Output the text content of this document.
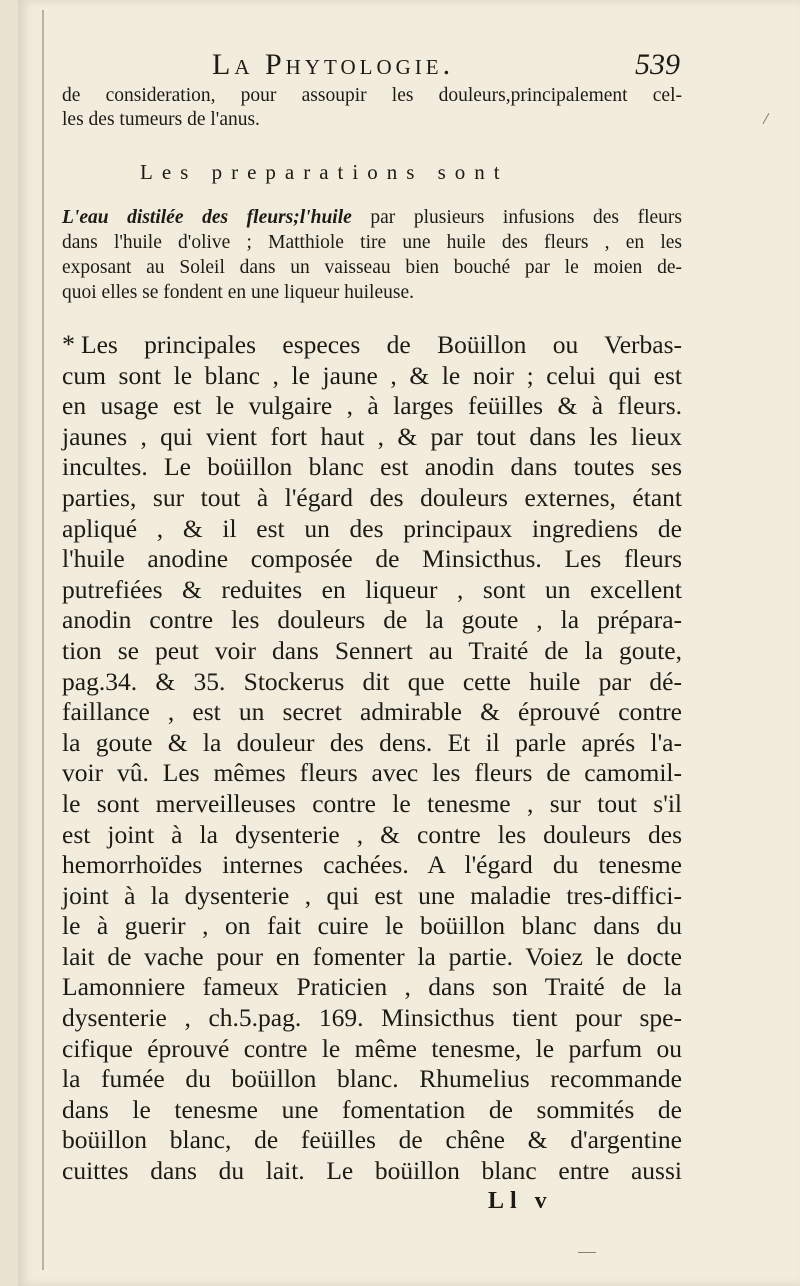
La Phytologie.	539
de consideration, pour assoupir les douleurs,principalement cel-
les des tumeurs de l'anus.
Les preparations sont
L'eau distilée des fleurs;l'huile par plusieurs infusions des fleurs
dans l'huile d'olive ; Matthiole tire une huile des fleurs , en les
exposant au Soleil dans un vaisseau bien bouché par le moien de-
quoi elles se fondent en une liqueur huileuse.
* Les principales especes de Boüillon ou Verbas-
cum sont le blanc , le jaune , & le noir ; celui qui est
en usage est le vulgaire , à larges feüilles & à fleurs.
jaunes , qui vient fort haut , & par tout dans les lieux
incultes. Le boüillon blanc est anodin dans toutes ses
parties, sur tout à l'égard des douleurs externes, étant
apliqué , & il est un des principaux ingrediens de
l'huile anodine composée de Minsicthus. Les fleurs
putrefiées & reduites en liqueur , sont un excellent
anodin contre les douleurs de la goute , la prépara-
tion se peut voir dans Sennert au Traité de la goute,
pag.34. & 35. Stockerus dit que cette huile par dé-
faillance , est un secret admirable & éprouvé contre
la goute & la douleur des dens. Et il parle aprés l'a-
voir vû. Les mêmes fleurs avec les fleurs de camomil-
le sont merveilleuses contre le tenesme , sur tout s'il
est joint à la dysenterie , & contre les douleurs des
hemorrhoïdes internes cachées. A l'égard du tenesme
joint à la dysenterie , qui est une maladie tres-diffici-
le à guerir , on fait cuire le boüillon blanc dans du
lait de vache pour en fomenter la partie. Voiez le docte
Lamonniere fameux Praticien , dans son Traité de la
dysenterie , ch.5.pag. 169. Minsicthus tient pour spe-
cifique éprouvé contre le même tenesme, le parfum ou
la fumée du boüillon blanc. Rhumelius recommande
dans le tenesme une fomentation de sommités de
boüillon blanc, de feüilles de chêne & d'argentine
cuittes dans du lait. Le boüillon blanc entre aussi
Ll v
